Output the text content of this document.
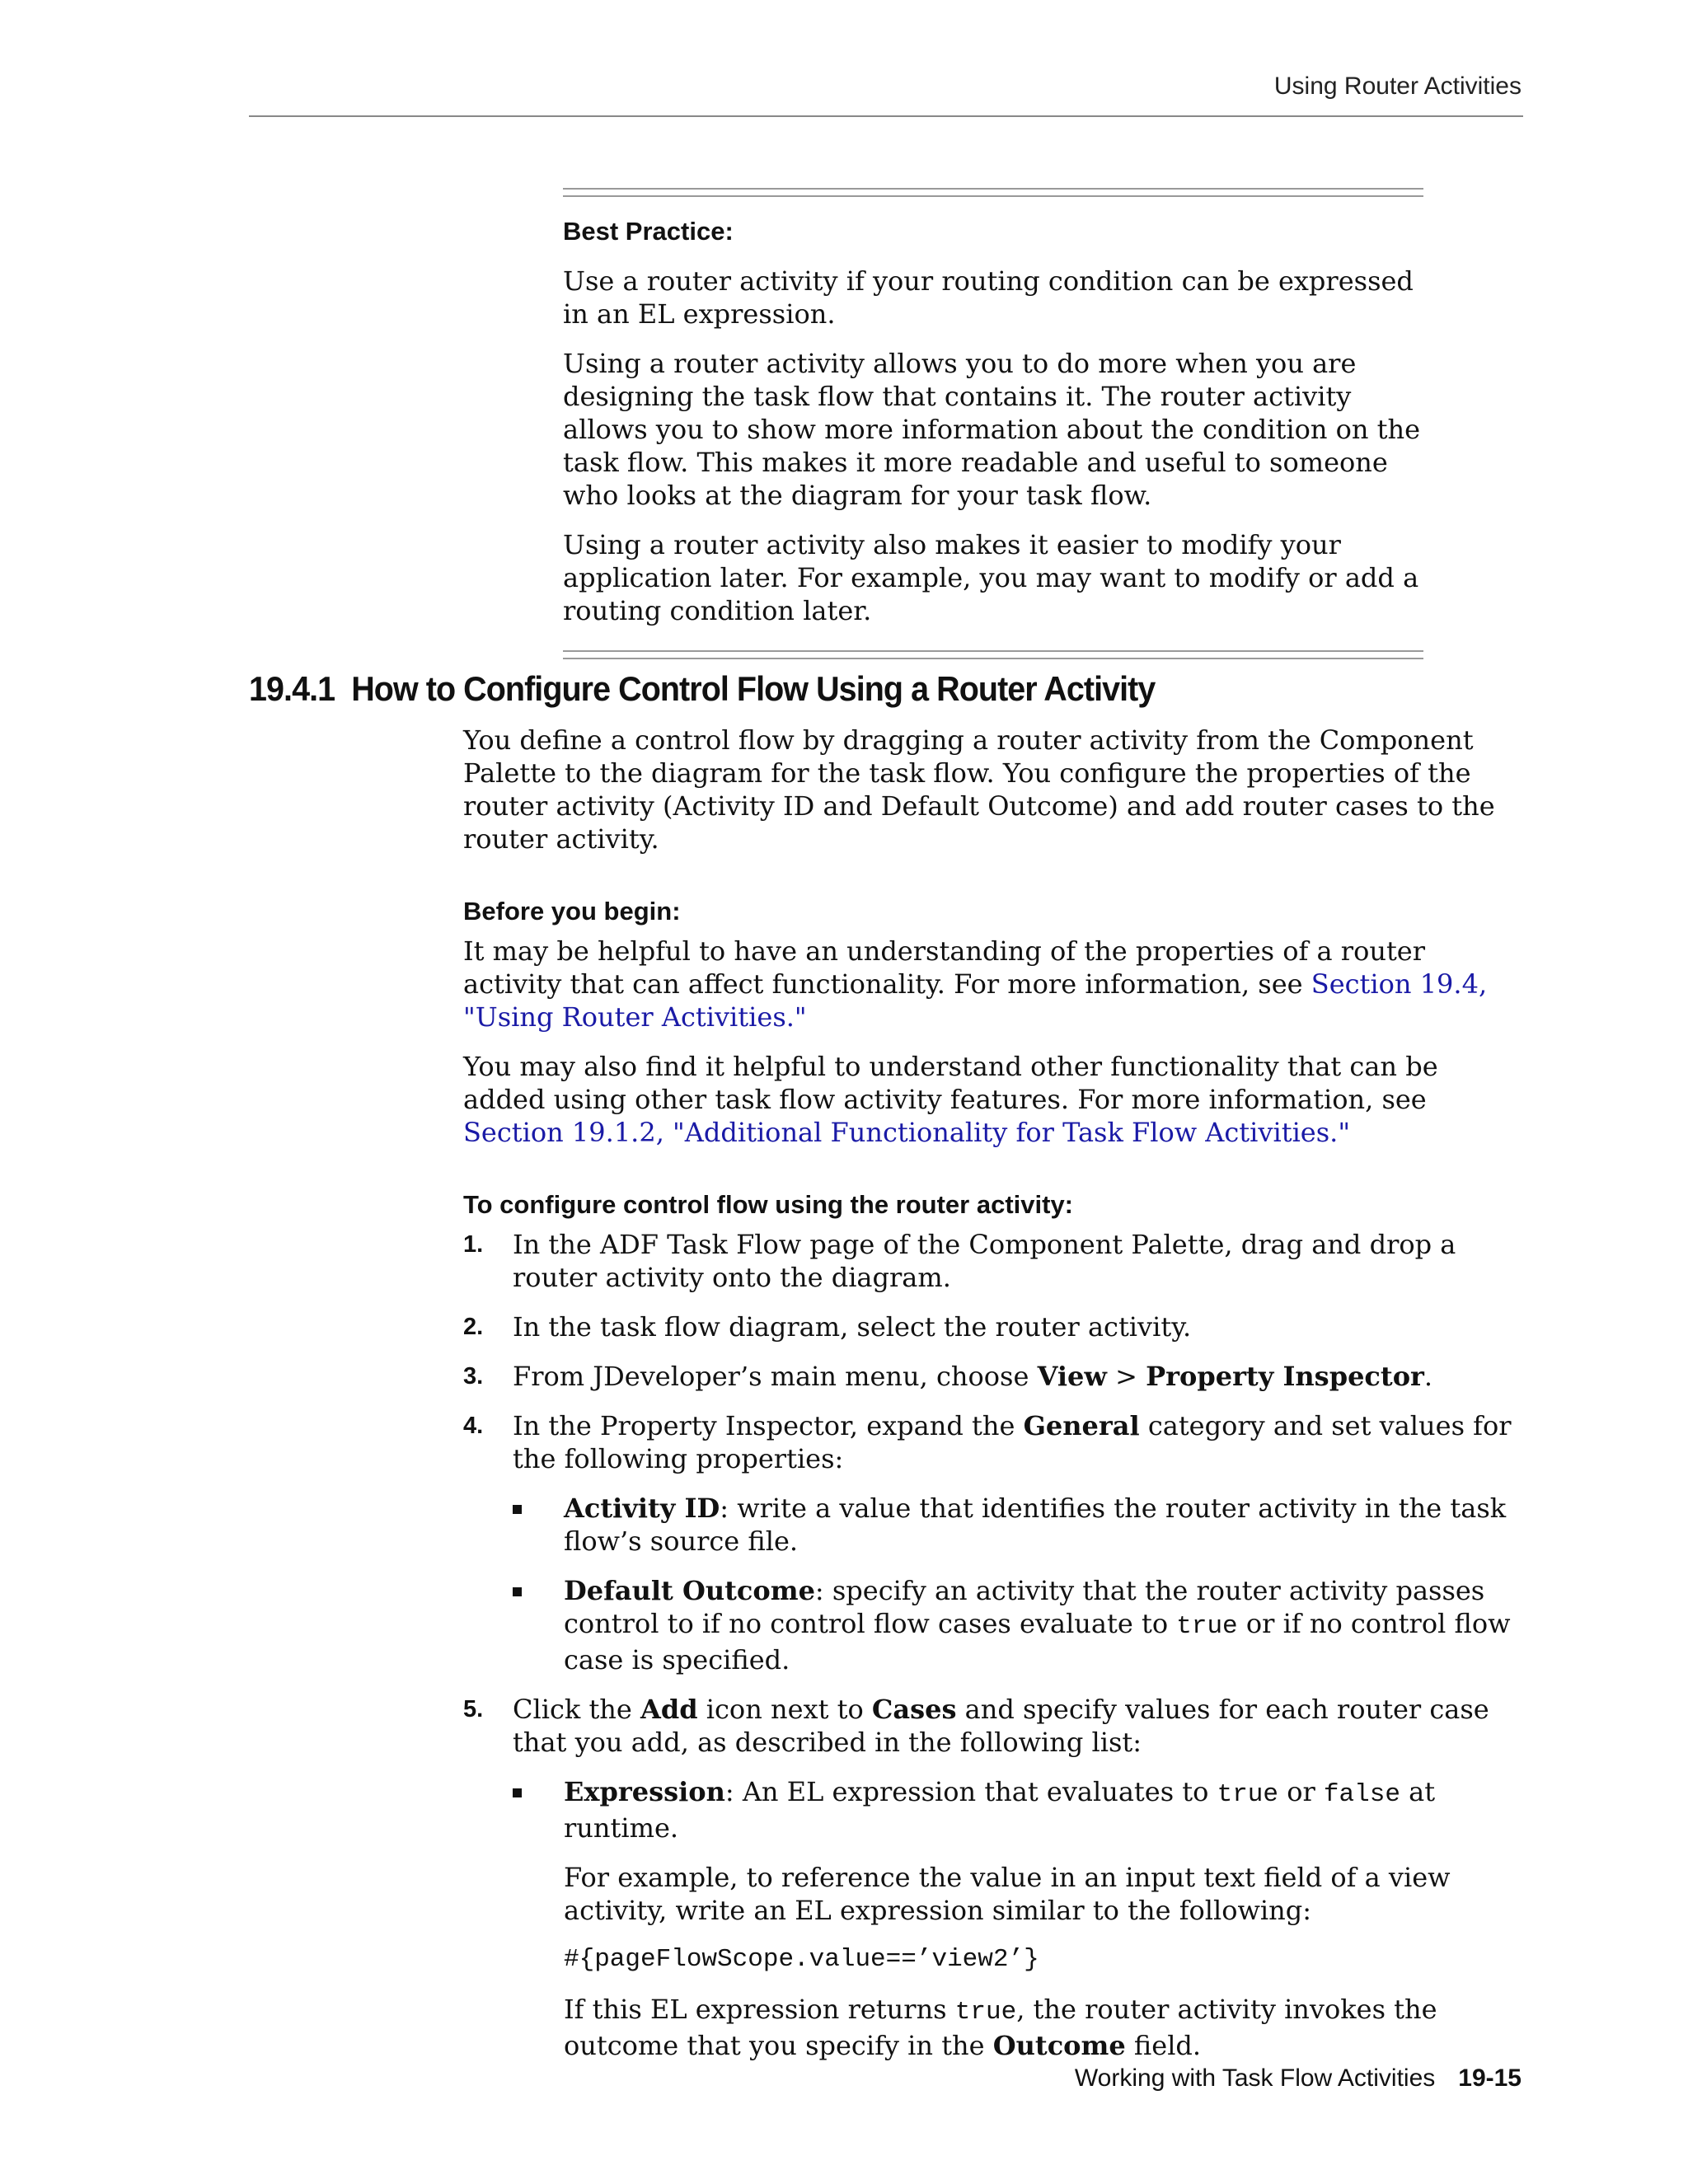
Using Router Activities

Best Practice:

Use a router activity if your routing condition can be expressed in an EL expression.

Using a router activity allows you to do more when you are designing the task flow that contains it. The router activity allows you to show more information about the condition on the task flow. This makes it more readable and useful to someone who looks at the diagram for your task flow.

Using a router activity also makes it easier to modify your application later. For example, you may want to modify or add a routing condition later.

19.4.1 How to Configure Control Flow Using a Router Activity

You define a control flow by dragging a router activity from the Component Palette to the diagram for the task flow. You configure the properties of the router activity (Activity ID and Default Outcome) and add router cases to the router activity.

Before you begin:

It may be helpful to have an understanding of the properties of a router activity that can affect functionality. For more information, see Section 19.4, "Using Router Activities."

You may also find it helpful to understand other functionality that can be added using other task flow activity features. For more information, see Section 19.1.2, "Additional Functionality for Task Flow Activities."

To configure control flow using the router activity:

1. In the ADF Task Flow page of the Component Palette, drag and drop a router activity onto the diagram.
2. In the task flow diagram, select the router activity.
3. From JDeveloper’s main menu, choose View > Property Inspector.
4. In the Property Inspector, expand the General category and set values for the following properties:
Activity ID: write a value that identifies the router activity in the task flow’s source file.
Default Outcome: specify an activity that the router activity passes control to if no control flow cases evaluate to true or if no control flow case is specified.
5. Click the Add icon next to Cases and specify values for each router case that you add, as described in the following list:
Expression: An EL expression that evaluates to true or false at runtime.

For example, to reference the value in an input text field of a view activity, write an EL expression similar to the following:

#{pageFlowScope.value==’view2’}

If this EL expression returns true, the router activity invokes the outcome that you specify in the Outcome field.

Working with Task Flow Activities 19-15
